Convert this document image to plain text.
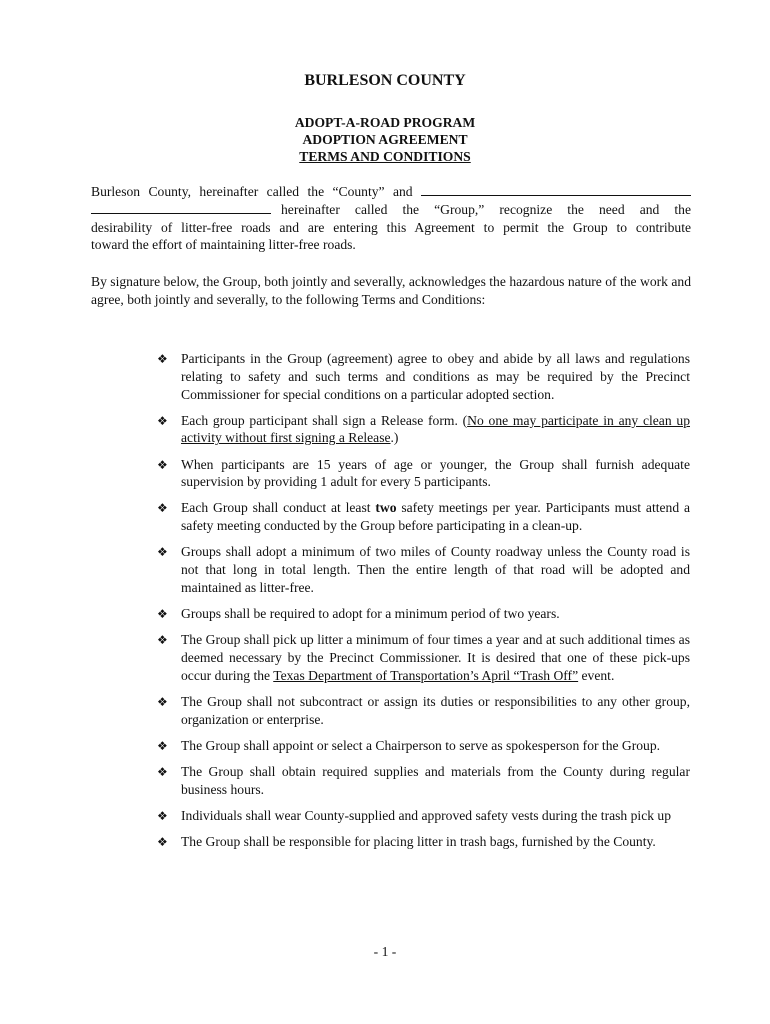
BURLESON COUNTY
ADOPT-A-ROAD PROGRAM
ADOPTION AGREEMENT
TERMS AND CONDITIONS
Burleson County, hereinafter called the “County” and
hereinafter called the “Group,” recognize the need and the
desirability of litter-free roads and are entering this Agreement to permit the Group to contribute
toward the effort of maintaining litter-free roads.

By signature below, the Group, both jointly and severally, acknowledges the hazardous nature of the work and agree, both jointly and severally, to the following Terms and Conditions:

❖ Participants in the Group (agreement) agree to obey and abide by all laws and regulations relating to safety and such terms and conditions as may be required by the Precinct Commissioner for special conditions on a particular adopted section.
❖ Each group participant shall sign a Release form. (No one may participate in any clean up activity without first signing a Release.)
❖ When participants are 15 years of age or younger, the Group shall furnish adequate supervision by providing 1 adult for every 5 participants.
❖ Each Group shall conduct at least two safety meetings per year. Participants must attend a safety meeting conducted by the Group before participating in a clean-up.
❖ Groups shall adopt a minimum of two miles of County roadway unless the County road is not that long in total length. Then the entire length of that road will be adopted and maintained as litter-free.
❖ Groups shall be required to adopt for a minimum period of two years.
❖ The Group shall pick up litter a minimum of four times a year and at such additional times as deemed necessary by the Precinct Commissioner. It is desired that one of these pick-ups occur during the Texas Department of Transportation’s April “Trash Off” event.
❖ The Group shall not subcontract or assign its duties or responsibilities to any other group, organization or enterprise.
❖ The Group shall appoint or select a Chairperson to serve as spokesperson for the Group.
❖ The Group shall obtain required supplies and materials from the County during regular business hours.
❖ Individuals shall wear County-supplied and approved safety vests during the trash pick up
❖ The Group shall be responsible for placing litter in trash bags, furnished by the County.
- 1 -
